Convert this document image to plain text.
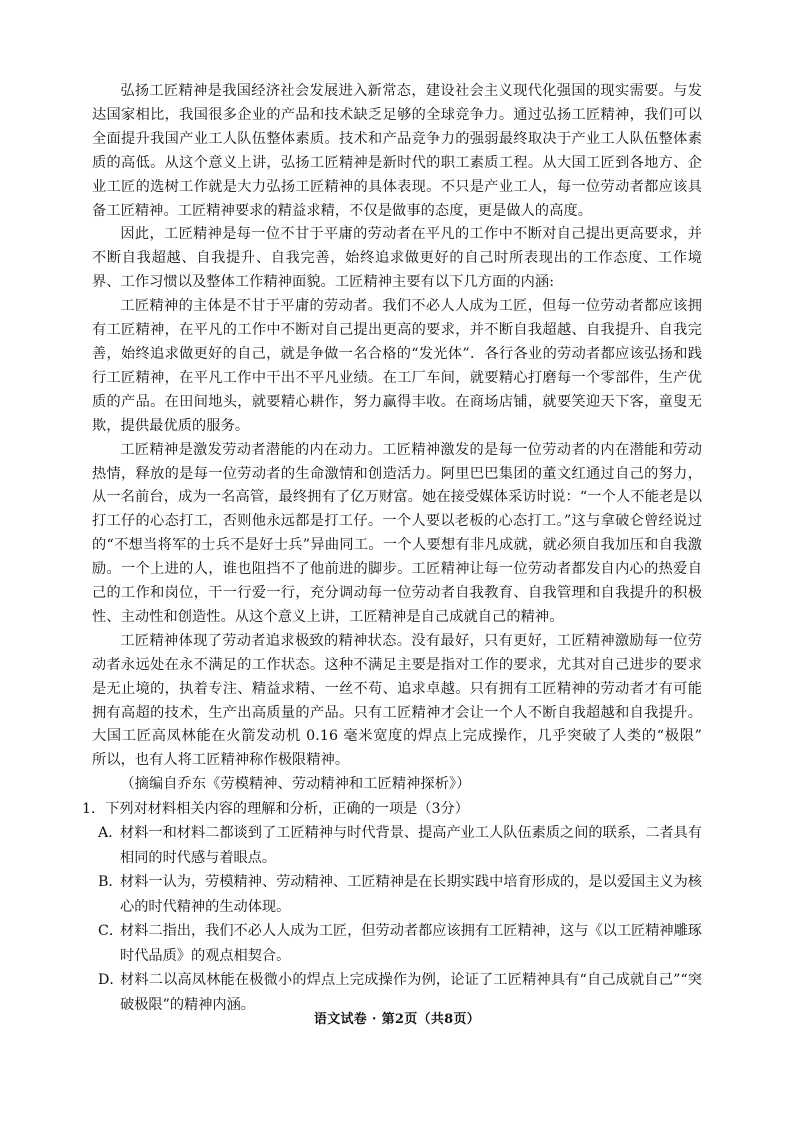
弘扬工匠精神是我国经济社会发展进入新常态，建设社会主义现代化强国的现实需要。与发达国家相比，我国很多企业的产品和技术缺乏足够的全球竞争力。通过弘扬工匠精神，我们可以全面提升我国产业工人队伍整体素质。技术和产品竞争力的强弱最终取决于产业工人队伍整体素质的高低。从这个意义上讲，弘扬工匠精神是新时代的职工素质工程。从大国工匠到各地方、企业工匠的选树工作就是大力弘扬工匠精神的具体表现。不只是产业工人，每一位劳动者都应该具备工匠精神。工匠精神要求的精益求精，不仅是做事的态度，更是做人的高度。

因此，工匠精神是每一位不甘于平庸的劳动者在平凡的工作中不断对自己提出更高要求，并不断自我超越、自我提升、自我完善，始终追求做更好的自己时所表现出的工作态度、工作境界、工作习惯以及整体工作精神面貌。工匠精神主要有以下几方面的内涵:

工匠精神的主体是不甘于平庸的劳动者。我们不必人人成为工匠，但每一位劳动者都应该拥有工匠精神，在平凡的工作中不断对自己提出更高的要求，并不断自我超越、自我提升、自我完善，始终追求做更好的自己，就是争做一名合格的“发光体”．各行各业的劳动者都应该弘扬和践行工匠精神，在平凡工作中干出不平凡业绩。在工厂车间，就要精心打磨每一个零部件，生产优质的产品。在田间地头，就要精心耕作，努力赢得丰收。在商场店铺，就要笑迎天下客，童叟无欺，提供最优质的服务。

工匠精神是激发劳动者潜能的内在动力。工匠精神激发的是每一位劳动者的内在潜能和劳动热情，释放的是每一位劳动者的生命激情和创造活力。阿里巴巴集团的董文红通过自己的努力，从一名前台，成为一名高管，最终拥有了亿万财富。她在接受媒体采访时说：“一个人不能老是以打工仔的心态打工，否则他永远都是打工仔。一个人要以老板的心态打工。”这与拿破仑曾经说过的“不想当将军的士兵不是好士兵”异曲同工。一个人要想有非凡成就，就必须自我加压和自我激励。一个上进的人，谁也阻挡不了他前进的脚步。工匠精神让每一位劳动者都发自内心的热爱自己的工作和岗位，干一行爱一行，充分调动每一位劳动者自我教育、自我管理和自我提升的积极性、主动性和创造性。从这个意义上讲，工匠精神是自己成就自己的精神。

工匠精神体现了劳动者追求极致的精神状态。没有最好，只有更好，工匠精神激励每一位劳动者永远处在永不满足的工作状态。这种不满足主要是指对工作的要求，尤其对自己进步的要求是无止境的，执着专注、精益求精、一丝不苟、追求卓越。只有拥有工匠精神的劳动者才有可能拥有高超的技术，生产出高质量的产品。只有工匠精神才会让一个人不断自我超越和自我提升。大国工匠高凤林能在火箭发动机 0.16 毫米宽度的焊点上完成操作，几乎突破了人类的“极限”　所以，也有人将工匠精神称作极限精神。

（摘编自乔东《劳模精神、劳动精神和工匠精神探析》）

1．下列对材料相关内容的理解和分析，正确的一项是（3分）

A．
材料一和材料二都谈到了工匠精神与时代背景、提高产业工人队伍素质之间的联系，二者具有相同的时代感与着眼点。
B．
材料一认为，劳模精神、劳动精神、工匠精神是在长期实践中培育形成的，是以爱国主义为核心的时代精神的生动体现。
C．
材料二指出，我们不必人人成为工匠，但劳动者都应该拥有工匠精神，这与《以工匠精神雕琢时代品质》的观点相契合。
D．
材料二以高凤林能在极微小的焊点上完成操作为例，论证了工匠精神具有“自己成就自己”“突破极限”的精神内涵。
语文试卷 · 第2页（共8页）
